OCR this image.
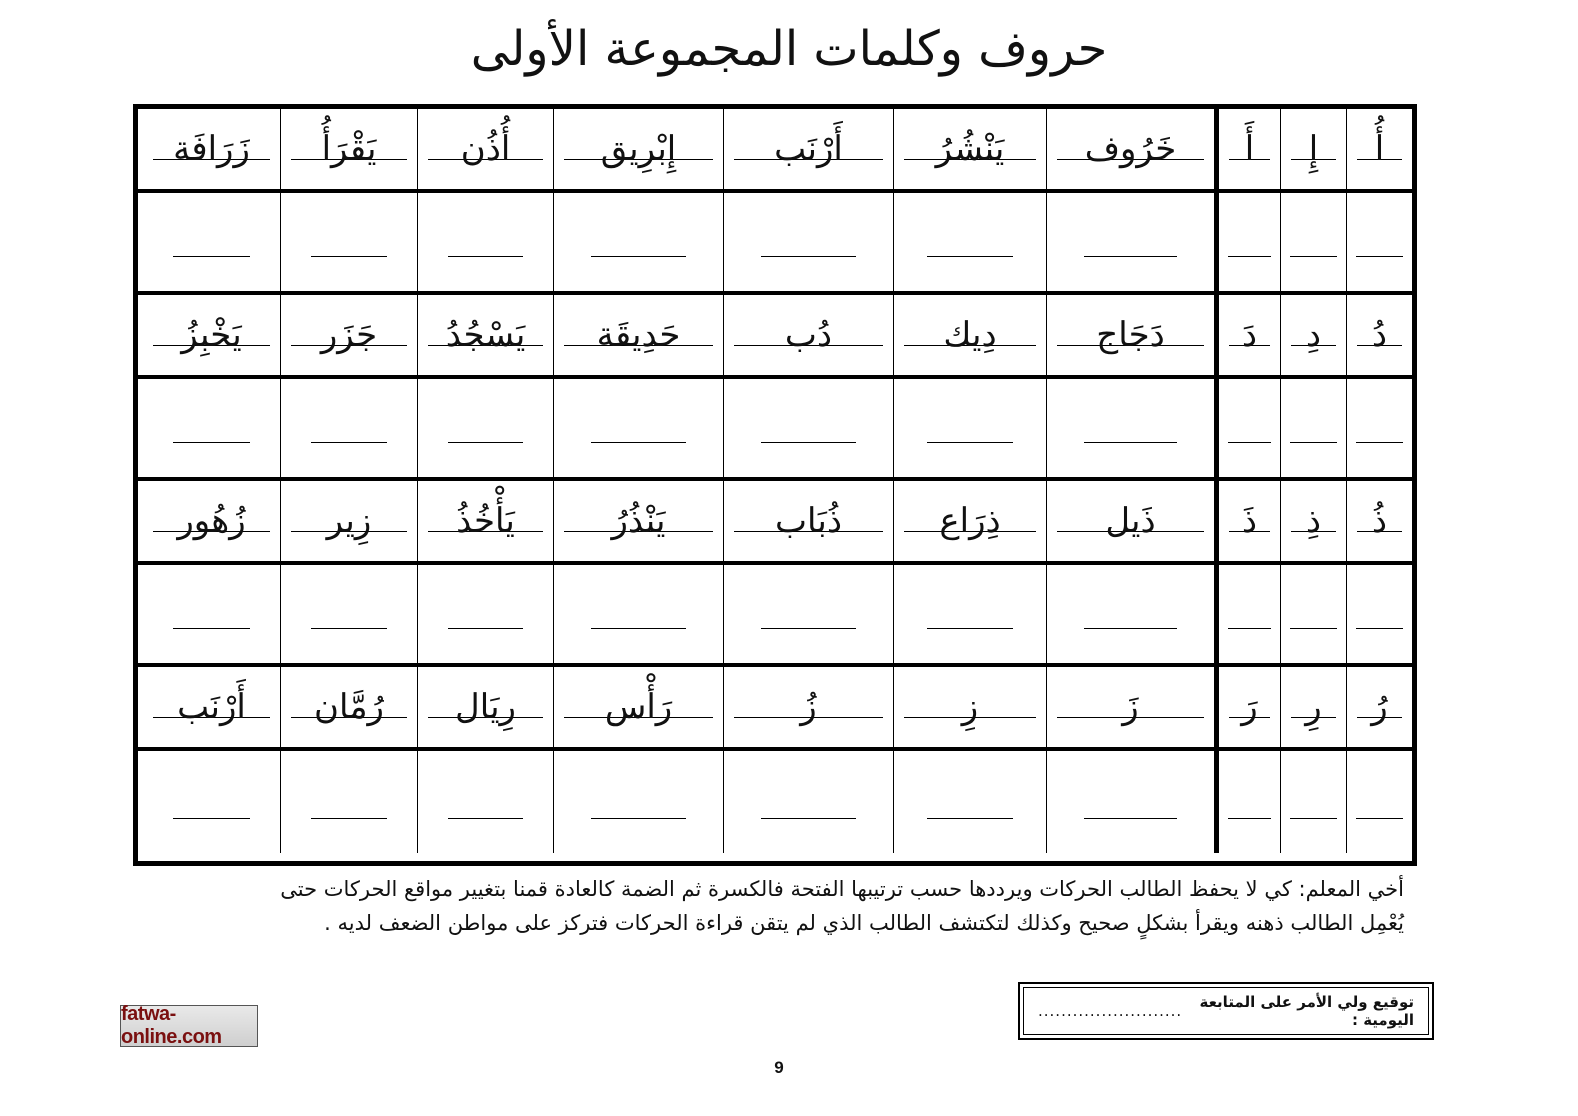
حروف وكلمات المجموعة الأولى
أُ
إِ
أَ
خَرُوف
يَنْشُرُ
أَرْنَب
إِبْرِيق
أُذُن
يَقْرَأُ
زَرَافَة
دُ
دِ
دَ
دَجَاج
دِيك
دُب
حَدِيقَة
يَسْجُدُ
جَزَر
يَخْبِزُ
ذُ
ذِ
ذَ
ذَيل
ذِرَاع
ذُبَاب
يَنْذُرُ
يَأْخُذُ
زِير
زُهُور
رُ
رِ
رَ
زَ
زِ
زُ
رَأْس
رِيَال
رُمَّان
أَرْنَب
أخي المعلم: كي لا يحفظ الطالب الحركات ويرددها حسب ترتيبها الفتحة فالكسرة ثم الضمة كالعادة قمنا بتغيير مواقع الحركات حتى
يُعْمِل الطالب ذهنه ويقرأ بشكلٍ صحيح وكذلك لتكتشف الطالب الذي لم يتقن قراءة الحركات فتركز على مواطن الضعف لديه .
توقيع ولي الأمر على المتابعة اليومية :
.........................
fatwa-online.com
9
